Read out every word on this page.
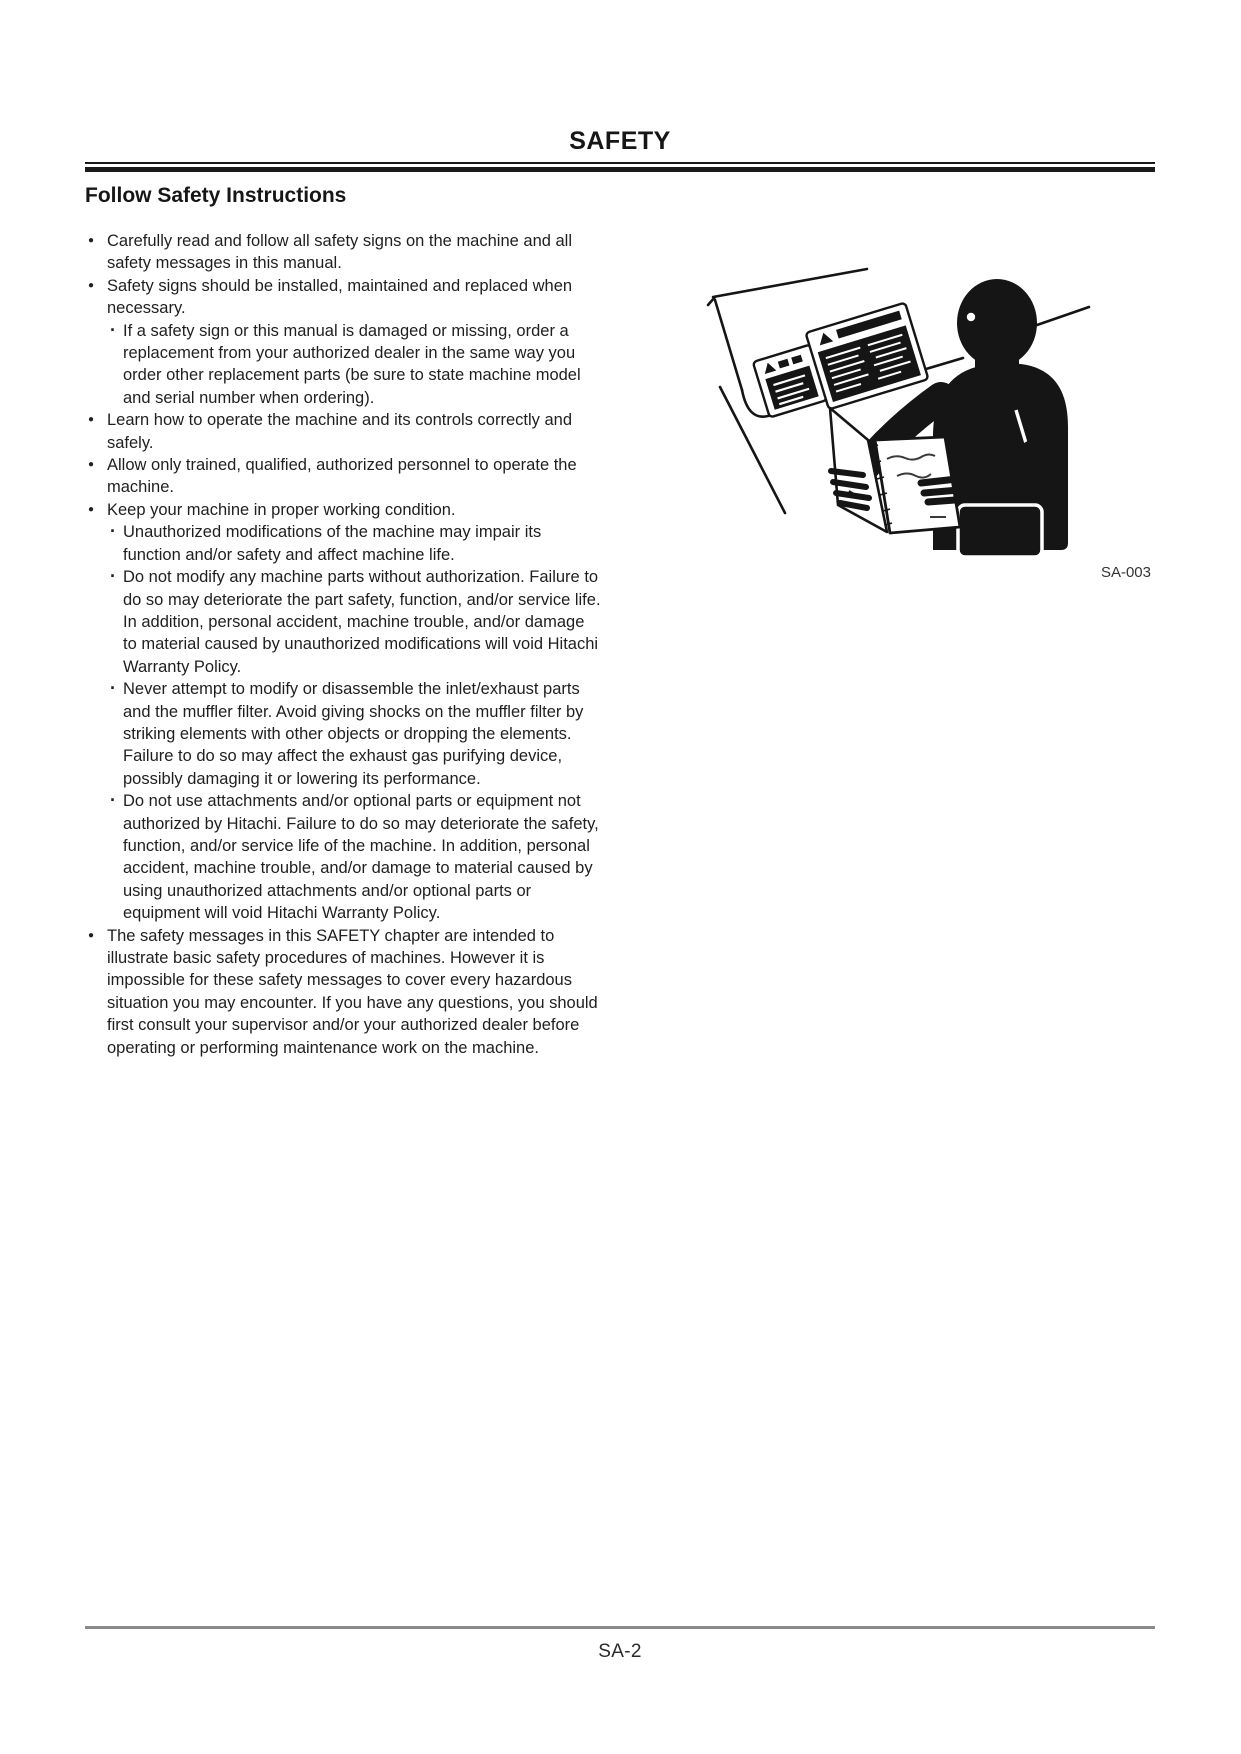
SAFETY
Follow Safety Instructions
● Carefully read and follow all safety signs on the machine and all safety messages in this manual.
● Safety signs should be installed, maintained and replaced when necessary.
· If a safety sign or this manual is damaged or missing, order a replacement from your authorized dealer in the same way you order other replacement parts (be sure to state machine model and serial number when ordering).
● Learn how to operate the machine and its controls correctly and safely.
● Allow only trained, qualified, authorized personnel to operate the machine.
● Keep your machine in proper working condition.
· Unauthorized modifications of the machine may impair its function and/or safety and affect machine life.
· Do not modify any machine parts without authorization. Failure to do so may deteriorate the part safety, function, and/or service life. In addition, personal accident, machine trouble, and/or damage to material caused by unauthorized modifications will void Hitachi Warranty Policy.
· Never attempt to modify or disassemble the inlet/exhaust parts and the muffler filter. Avoid giving shocks on the muffler filter by striking elements with other objects or dropping the elements. Failure to do so may affect the exhaust gas purifying device, possibly damaging it or lowering its performance.
· Do not use attachments and/or optional parts or equipment not authorized by Hitachi. Failure to do so may deteriorate the safety, function, and/or service life of the machine. In addition, personal accident, machine trouble, and/or damage to material caused by using unauthorized attachments and/or optional parts or equipment will void Hitachi Warranty Policy.
● The safety messages in this SAFETY chapter are intended to illustrate basic safety procedures of machines. However it is impossible for these safety messages to cover every hazardous situation you may encounter. If you have any questions, you should first consult your supervisor and/or your authorized dealer before operating or performing maintenance work on the machine.
SA-003
SA-2
